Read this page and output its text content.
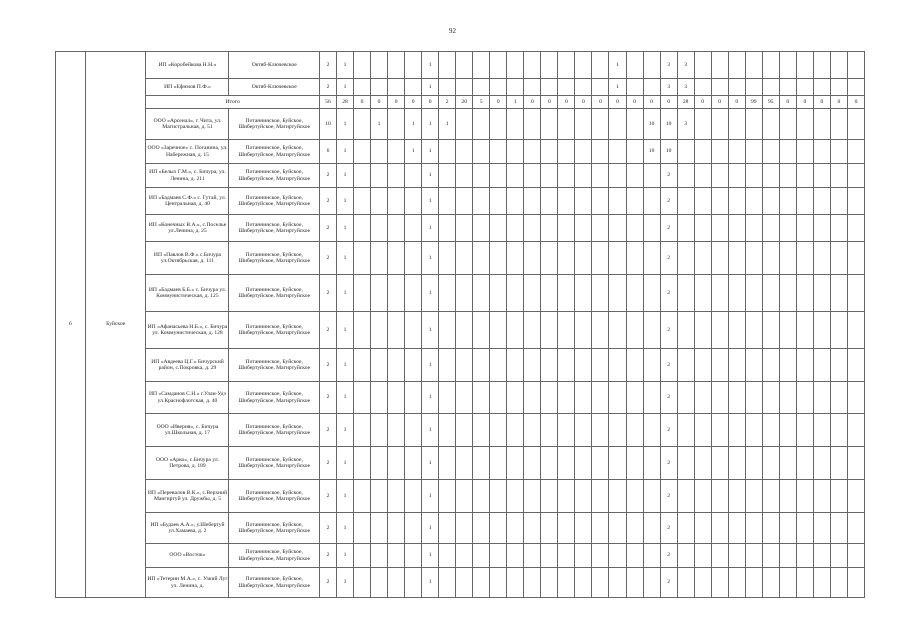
92
6	Буйское	ИП «Коробейкова Н.Н.»	Октяб-Ключевское	2	1					1											1			3	3										
		ИП «Ефимов П.Ф.»	Октяб-Ключевское	2	1					1											1			3	3										
		Итого		56	28	0	0	0	0	0	2	20	5	0	1	0	0	0	0	0	0	0	0	0	28	0	0	0	99	95	0	0	0	0	0
		ООО «Арсенал», г. Чита, ул. Магистральная, д. 51	Потаннинское, Буйское, Шибертуйское, Магиртуйское	10	1		1		1	1	1												10	10	3										
		ООО «Заречное» с. Поганина, ул. Набережная, д. 15	Потаннинское, Буйское, Шибертуйское, Магиртуйское	6	1				1	1													10	10											
		ИП «Белых Г.М.», с. Бичура, ул. Ленина, д. 211	Потаннинское, Буйское, Шибертуйское, Магиртуйское	2	1					1														2											
		ИП «Бадмаев С.Ф.» с. Гутай, ул. Центральная, д. 40	Потаннинское, Буйское, Шибертуйское, Магиртуйское	2	1					1														2											
		ИП «Конечных В.А.», с.Поселье ул.Ленина, д. 25	Потаннинское, Буйское, Шибертуйское, Магиртуйское	2	1					1														2											
		ИП «Павлов В.Ф.» с.Бичура ул.Октябрьская, д. 111	Потаннинское, Буйское, Шибертуйское, Магиртуйское	2	1					1														2											
		ИП «Бадмаев Б.Б.» с. Бичура ул. Коммунистическая, д. 125	Потаннинское, Буйское, Шибертуйское, Магиртуйское	2	1					1														2											
		ИП «Афанасьева Н.Б.», с. Бичура ул. Коммунистическая, д. 128	Потаннинское, Буйское, Шибертуйское, Магиртуйское	2	1					1														2											
		ИП «Авдеева Ц.Г.» Бичурский район, с.Покровка, д. 29	Потаннинское, Буйское, Шибертуйское, Магиртуйское	2	1					1														2											
		ИП «Самданов С.Н.» г.Улан-Удэ ул.Краснофлотская, д. 40	Потаннинское, Буйское, Шибертуйское, Магиртуйское	2	1					1														2											
		ООО «Иверия», с. Бичура ул.Школьная, д. 17	Потаннинское, Буйское, Шибертуйское, Магиртуйское	2	1					1														2											
		ООО «Арко», с.Бичура ул. Петрова, д. 189	Потаннинское, Буйское, Шибертуйское, Магиртуйское	2	1					1														2											
		ИП «Перевалов В.К.», с.Верхний Мангиртуй ул. Дружбы, д. 5	Потаннинское, Буйское, Шибертуйское, Магиртуйское	2	1					1														2											
		ИП «Будаев А.А.», у.Шебертуй ул.Хамаева, д. 2	Потаннинское, Буйское, Шибертуйское, Магиртуйское	2	1					1														2											
		ООО «Восток»	Потаннинское, Буйское, Шибертуйское, Магиртуйское	2	1					1														2											
		ИП «Тетерин М.А.», с. Узкий Луг ул. Ленина, д.	Потаннинское, Буйское, Шибертуйское, Магиртуйское	2	1					1														2											
